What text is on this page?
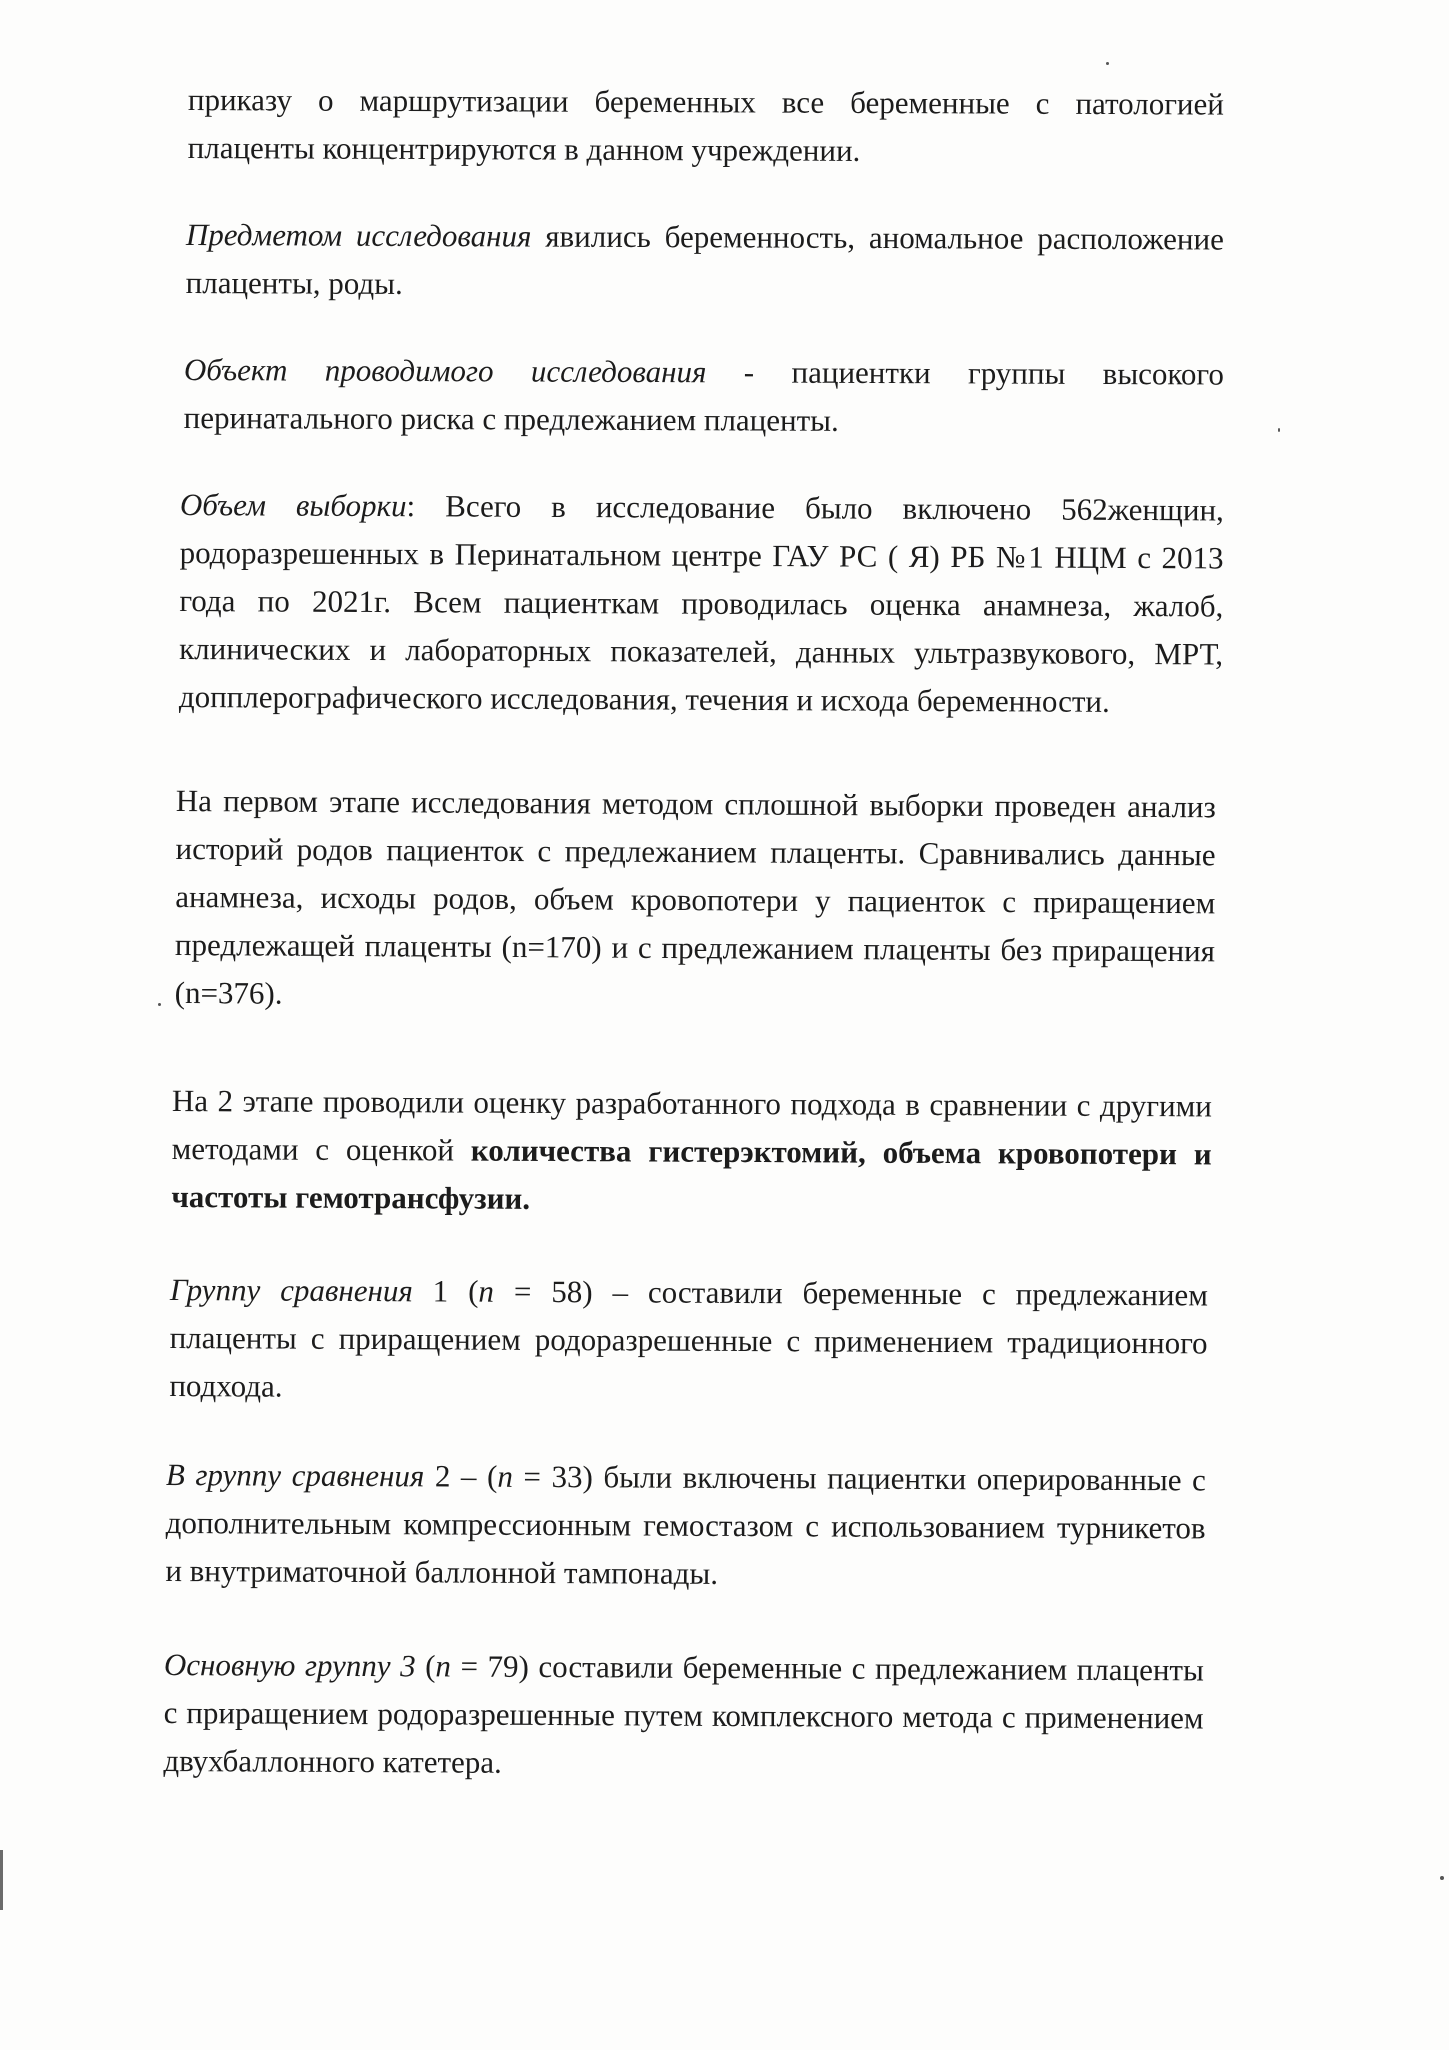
приказу о маршрутизации беременных все беременные с патологией плаценты концентрируются в данном учреждении.

Предметом исследования явились беременность, аномальное расположение плаценты, роды.

Объект проводимого исследования - пациентки группы высокого перинатального риска с предлежанием плаценты.

Объем выборки: Всего в исследование было включено 562женщин, родоразрешенных в Перинатальном центре ГАУ РС ( Я) РБ №1 НЦМ с 2013 года по 2021г. Всем пациенткам проводилась оценка анамнеза, жалоб, клинических и лабораторных показателей, данных ультразвукового, МРТ, допплерографического исследования, течения и исхода беременности.

На первом этапе исследования методом сплошной выборки проведен анализ историй родов пациенток с предлежанием плаценты. Сравнивались данные анамнеза, исходы родов, объем кровопотери у пациенток с приращением предлежащей плаценты (n=170) и с предлежанием плаценты без приращения (n=376).

На 2 этапе проводили оценку разработанного подхода в сравнении с другими методами с оценкой количества гистерэктомий, объема кровопотери и частоты гемотрансфузии.

Группу сравнения 1 (n = 58) – составили беременные с предлежанием плаценты с приращением родоразрешенные с применением традиционного подхода.

В группу сравнения 2 – (n = 33) были включены пациентки оперированные с дополнительным компрессионным гемостазом с использованием турникетов и внутриматочной баллонной тампонады.

Основную группу 3 (n = 79) составили беременные с предлежанием плаценты с приращением родоразрешенные путем комплексного метода с применением двухбаллонного катетера.
